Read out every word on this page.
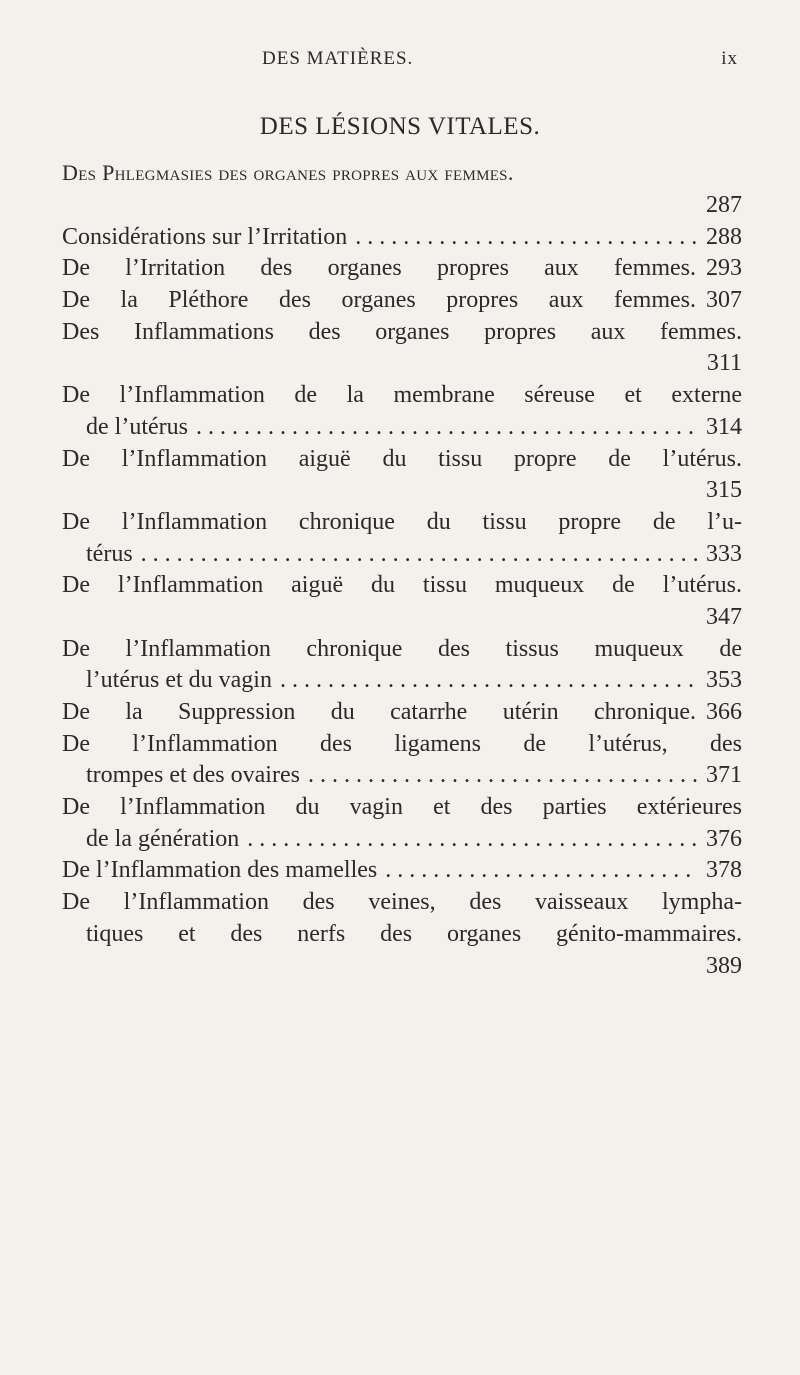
DES MATIÈRES.	ix
DES LÉSIONS VITALES.
Des Phlegmasies des organes propres aux femmes.
287
Considérations sur l’Irritation . . .	288
De l’Irritation des organes propres aux femmes. 293
De la Pléthore des organes propres aux femmes. 307
Des Inflammations des organes propres aux femmes.
311
De l’Inflammation de la membrane séreuse et externe
de l’utérus . . .	314
De l’Inflammation aiguë du tissu propre de l’utérus.
315
De l’Inflammation chronique du tissu propre de l’u-
térus . . .	333
De l’Inflammation aiguë du tissu muqueux de l’utérus.
347
De l’Inflammation chronique des tissus muqueux de
l’utérus et du vagin . . .	353
De la Suppression du catarrhe utérin chronique. 366
De l’Inflammation des ligamens de l’utérus, des
trompes et des ovaires . . .	371
De l’Inflammation du vagin et des parties extérieures
de la génération . . .	376
De l’Inflammation des mamelles . . .	378
De l’Inflammation des veines, des vaisseaux lympha-
tiques et des nerfs des organes génito-mammaires.
389
